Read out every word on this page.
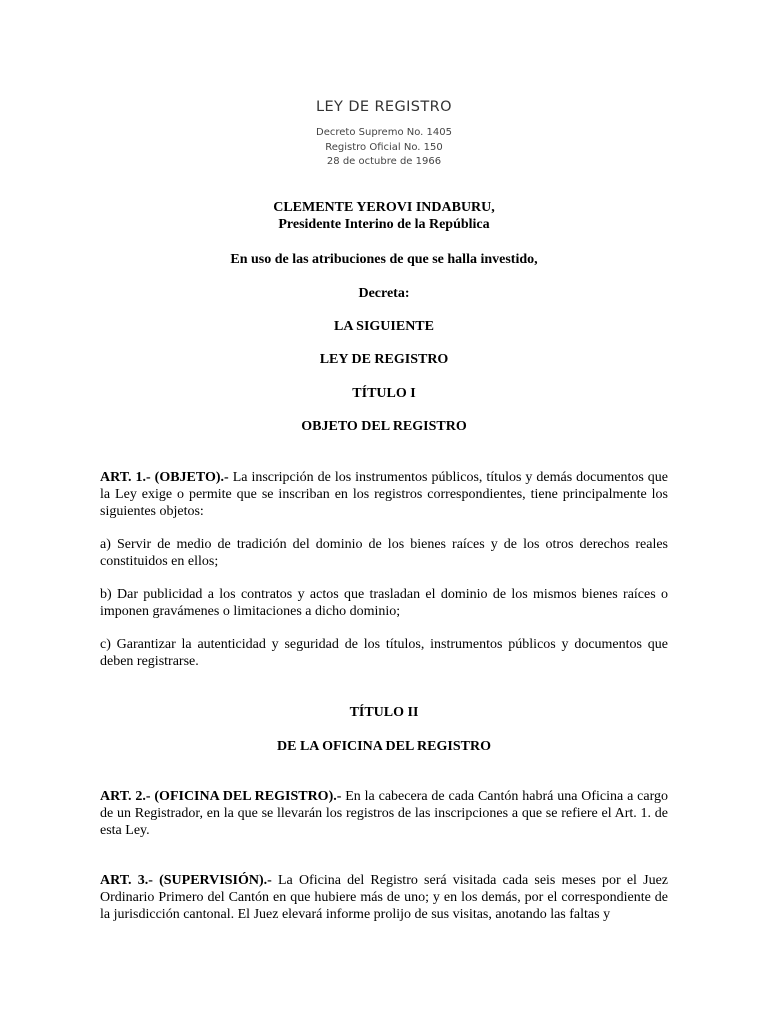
LEY DE REGISTRO
Decreto Supremo No. 1405
Registro Oficial No. 150
28 de octubre de 1966
CLEMENTE YEROVI INDABURU,
Presidente Interino de la República
En uso de las atribuciones de que se halla investido,
Decreta:
LA SIGUIENTE
LEY DE REGISTRO
TÍTULO I
OBJETO DEL REGISTRO
ART. 1.- (OBJETO).- La inscripción de los instrumentos públicos, títulos y demás documentos que la Ley exige o permite que se inscriban en los registros correspondientes, tiene principalmente los siguientes objetos:
a) Servir de medio de tradición del dominio de los bienes raíces y de los otros derechos reales constituidos en ellos;
b) Dar publicidad a los contratos y actos que trasladan el dominio de los mismos bienes raíces o imponen gravámenes o limitaciones a dicho dominio;
c) Garantizar la autenticidad y seguridad de los títulos, instrumentos públicos y documentos que deben registrarse.
TÍTULO II
DE LA OFICINA DEL REGISTRO
ART. 2.- (OFICINA DEL REGISTRO).- En la cabecera de cada Cantón habrá una Oficina a cargo de un Registrador, en la que se llevarán los registros de las inscripciones a que se refiere el Art. 1. de esta Ley.
ART. 3.- (SUPERVISIÓN).- La Oficina del Registro será visitada cada seis meses por el Juez Ordinario Primero del Cantón en que hubiere más de uno; y en los demás, por el correspondiente de la jurisdicción cantonal. El Juez elevará informe prolijo de sus visitas, anotando las faltas y
